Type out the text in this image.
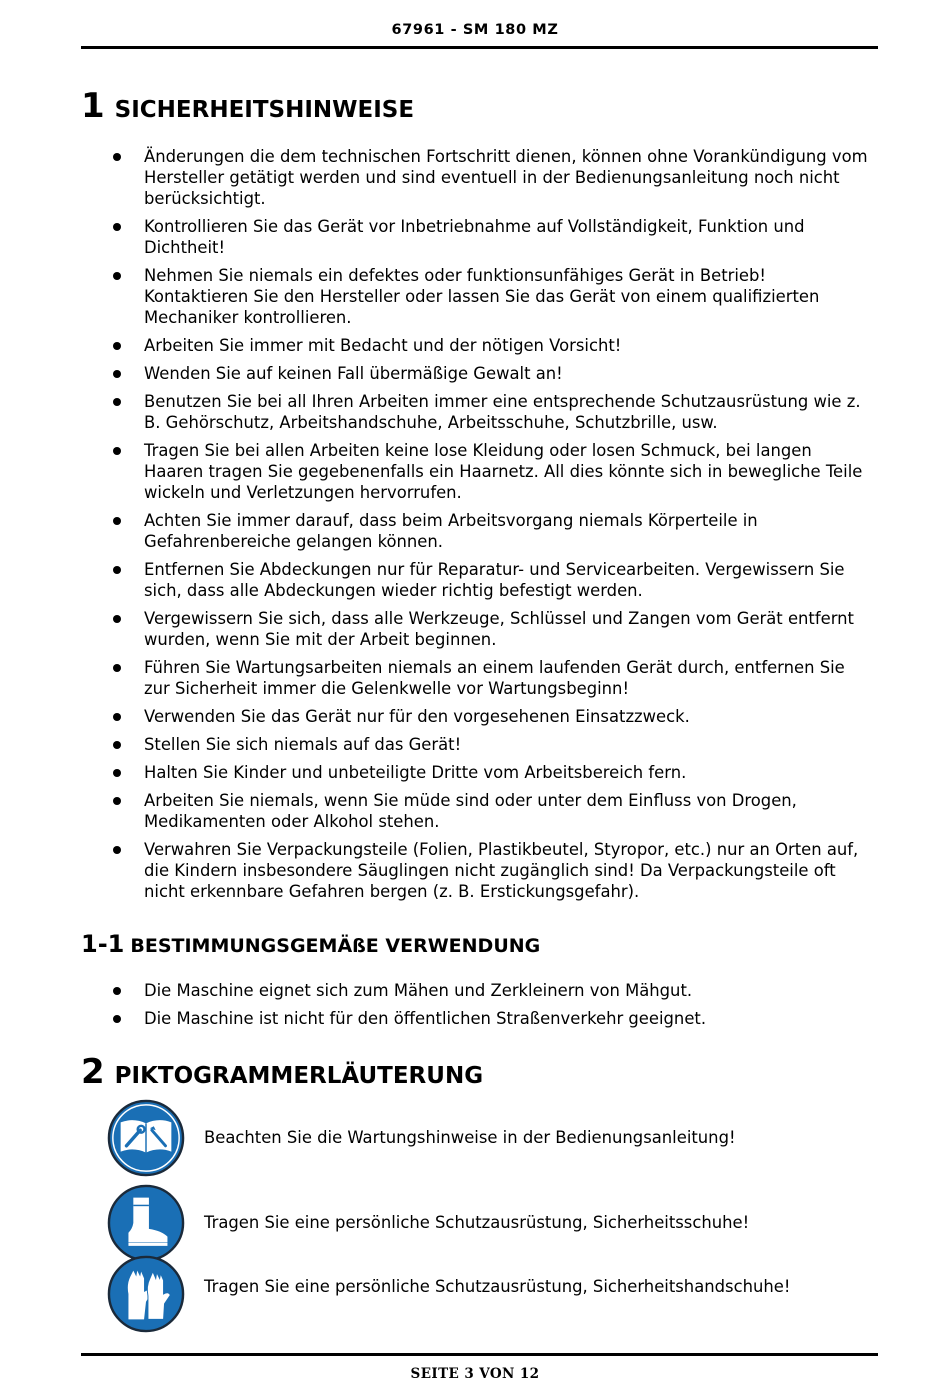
67961 - SM 180 MZ
1 SICHERHEITSHINWEISE
Änderungen die dem technischen Fortschritt dienen, können ohne Vorankündigung vom Hersteller getätigt werden und sind eventuell in der Bedienungsanleitung noch nicht berücksichtigt.
Kontrollieren Sie das Gerät vor Inbetriebnahme auf Vollständigkeit, Funktion und Dichtheit!
Nehmen Sie niemals ein defektes oder funktionsunfähiges Gerät in Betrieb! Kontaktieren Sie den Hersteller oder lassen Sie das Gerät von einem qualifizierten Mechaniker kontrollieren.
Arbeiten Sie immer mit Bedacht und der nötigen Vorsicht!
Wenden Sie auf keinen Fall übermäßige Gewalt an!
Benutzen Sie bei all Ihren Arbeiten immer eine entsprechende Schutzausrüstung wie z. B. Gehörschutz, Arbeitshandschuhe, Arbeitsschuhe, Schutzbrille, usw.
Tragen Sie bei allen Arbeiten keine lose Kleidung oder losen Schmuck, bei langen Haaren tragen Sie gegebenenfalls ein Haarnetz. All dies könnte sich in bewegliche Teile wickeln und Verletzungen hervorrufen.
Achten Sie immer darauf, dass beim Arbeitsvorgang niemals Körperteile in Gefahrenbereiche gelangen können.
Entfernen Sie Abdeckungen nur für Reparatur- und Servicearbeiten. Vergewissern Sie sich, dass alle Abdeckungen wieder richtig befestigt werden.
Vergewissern Sie sich, dass alle Werkzeuge, Schlüssel und Zangen vom Gerät entfernt wurden, wenn Sie mit der Arbeit beginnen.
Führen Sie Wartungsarbeiten niemals an einem laufenden Gerät durch, entfernen Sie zur Sicherheit immer die Gelenkwelle vor Wartungsbeginn!
Verwenden Sie das Gerät nur für den vorgesehenen Einsatzzweck.
Stellen Sie sich niemals auf das Gerät!
Halten Sie Kinder und unbeteiligte Dritte vom Arbeitsbereich fern.
Arbeiten Sie niemals, wenn Sie müde sind oder unter dem Einfluss von Drogen, Medikamenten oder Alkohol stehen.
Verwahren Sie Verpackungsteile (Folien, Plastikbeutel, Styropor, etc.) nur an Orten auf, die Kindern insbesondere Säuglingen nicht zugänglich sind! Da Verpackungsteile oft nicht erkennbare Gefahren bergen (z. B. Erstickungsgefahr).
1-1 BESTIMMUNGSGEMÄßE VERWENDUNG
Die Maschine eignet sich zum Mähen und Zerkleinern von Mähgut.
Die Maschine ist nicht für den öffentlichen Straßenverkehr geeignet.
2 PIKTOGRAMMERLÄUTERUNG
Beachten Sie die Wartungshinweise in der Bedienungsanleitung!
Tragen Sie eine persönliche Schutzausrüstung, Sicherheitsschuhe!
Tragen Sie eine persönliche Schutzausrüstung, Sicherheitshandschuhe!
SEITE 3 VON 12
